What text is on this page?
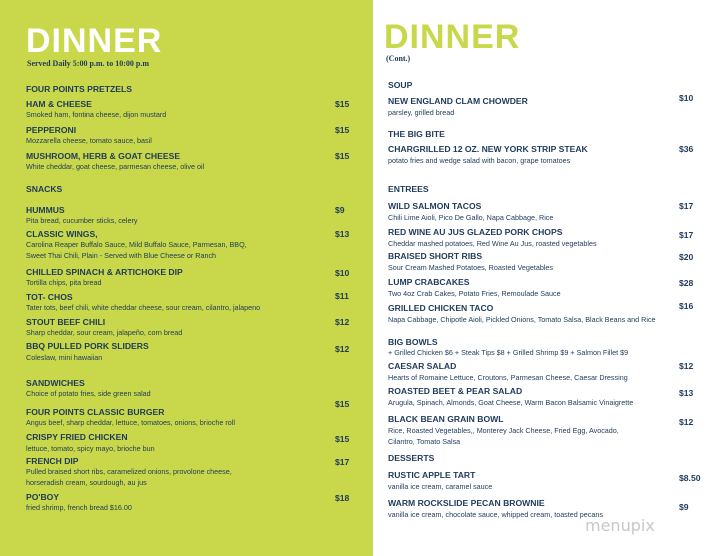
DINNER
Served Daily 5:00 p.m. to 10:00 p.m
FOUR POINTS PRETZELS
HAM & CHEESE
Smoked ham, fontina cheese, dijon mustard
$15
PEPPERONI
Mozzarella cheese, tomato sauce, basil
$15
MUSHROOM, HERB & GOAT CHEESE
White cheddar, goat cheese, parmesan cheese, olive oil
$15
SNACKS
HUMMUS
Pita bread, cucumber sticks, celery
$9
CLASSIC WINGS,
Carolina Reaper Buffalo Sauce, Mild Buffalo Sauce, Parmesan, BBQ,
Sweet Thai Chili, Plain - Served with Blue Cheese or Ranch
$13
CHILLED SPINACH & ARTICHOKE DIP
Tortilla chips, pita bread
$10
TOT- CHOS
Tater tots, beef chili, white cheddar cheese, sour cream, cilantro, jalapeno
$11
STOUT BEEF CHILI
Sharp cheddar, sour cream, jalapeño, corn bread
$12
BBQ PULLED PORK SLIDERS
Coleslaw, mini hawaiian
$12
SANDWICHES
Choice of potato fries, side green salad
FOUR POINTS CLASSIC BURGER
Angus beef, sharp cheddar, lettuce, tomatoes, onions, brioche roll
$15
CRISPY FRIED CHICKEN
lettuce, tomato, spicy mayo, brioche bun
$15
FRENCH DIP
Pulled braised short ribs, caramelized onions, provolone cheese,
horseradish cream, sourdough, au jus
$17
PO'BOY
fried shrimp, french bread $16.00
$18
DINNER
(Cont.)
SOUP
NEW ENGLAND CLAM CHOWDER
parsley, grilled bread
$10
THE BIG BITE
CHARGRILLED 12 OZ. NEW YORK STRIP STEAK
potato fries and wedge salad with bacon, grape tomatoes
$36
ENTREES
WILD SALMON TACOS
Chili Lime Aioli, Pico De Gallo, Napa Cabbage, Rice
$17
RED WINE AU JUS GLAZED PORK CHOPS
Cheddar mashed potatoes, Red Wine Au Jus, roasted vegetables
$17
BRAISED SHORT RIBS
Sour Cream Mashed Potatoes, Roasted Vegetables
$20
LUMP CRABCAKES
Two 4oz Crab Cakes, Potato Fries, Remoulade Sauce
$28
GRILLED CHICKEN TACO
Napa Cabbage, Chipotle Aioli, Pickled Onions, Tomato Salsa, Black Beans and Rice
$16
BIG BOWLS
+ Grilled Chicken $6 + Steak Tips $8 + Grilled Shrimp $9 + Salmon Fillet $9
CAESAR SALAD
Hearts of Romaine Lettuce, Croutons, Parmesan Cheese, Caesar Dressing
$12
ROASTED BEET & PEAR SALAD
Arugula, Spinach, Almonds, Goat Cheese, Warm Bacon Balsamic Vinaigrette
$13
BLACK BEAN GRAIN BOWL
Rice, Roasted Vegetables,, Monterey Jack Cheese, Fried Egg, Avocado,
Cilantro, Tomato Salsa
$12
DESSERTS
RUSTIC APPLE TART
vanilla ice cream, caramel sauce
$8.50
WARM ROCKSLIDE PECAN BROWNIE
vanilla ice cream, chocolate sauce, whipped cream, toasted pecans
$9
menupix
